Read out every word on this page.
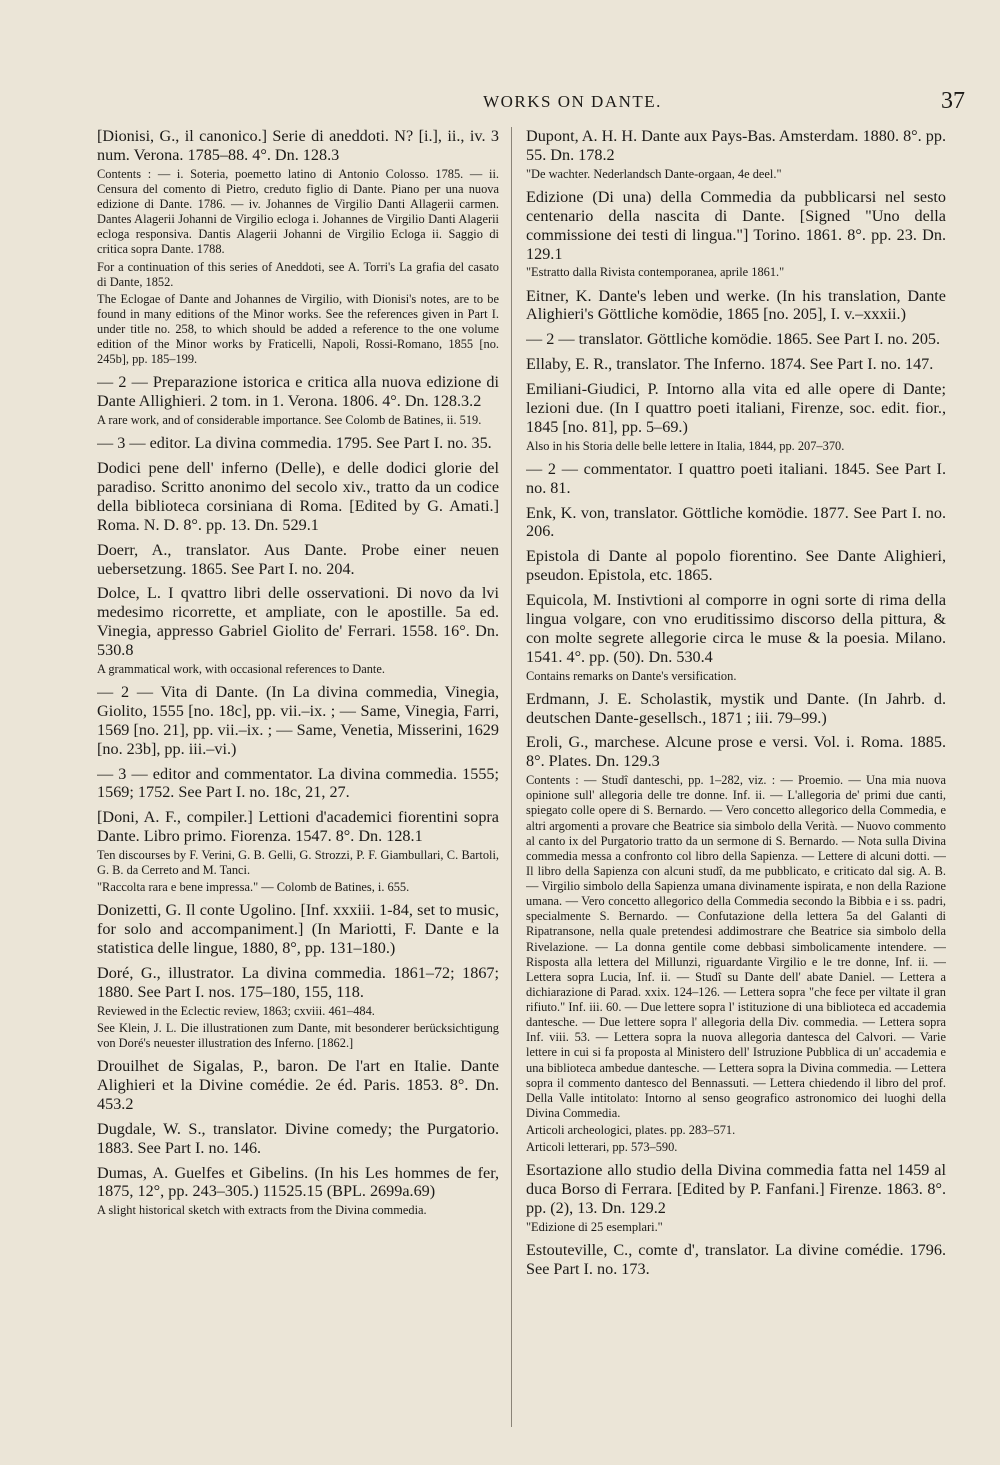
WORKS ON DANTE.	37
[Dionisi, G., il canonico.] Serie di aneddoti. N? [i.], ii., iv. 3 num. Verona. 1785–88. 4°. Dn. 128.3
Contents : — i. Soteria, poemetto latino di Antonio Colosso. 1785. — ii. Censura del comento di Pietro, creduto figlio di Dante. Piano per una nuova edizione di Dante. 1786. — iv. Johannes de Virgilio Danti Allagerii carmen. Dantes Alagerii Johanni de Virgilio ecloga i. Johannes de Virgilio Danti Alagerii ecloga responsiva. Dantis Alagerii Johanni de Virgilio Ecloga ii. Saggio di critica sopra Dante. 1788.
For a continuation of this series of Aneddoti, see A. Torri's La grafia del casato di Dante, 1852.
The Eclogae of Dante and Johannes de Virgilio, with Dionisi's notes, are to be found in many editions of the Minor works. See the references given in Part I. under title no. 258, to which should be added a reference to the one volume edition of the Minor works by Fraticelli, Napoli, Rossi-Romano, 1855 [no. 245b], pp. 185–199.
— 2 — Preparazione istorica e critica alla nuova edizione di Dante Allighieri. 2 tom. in 1. Verona. 1806. 4°. Dn. 128.3.2
A rare work, and of considerable importance. See Colomb de Batines, ii. 519.
— 3 — editor. La divina commedia. 1795. See Part I. no. 35.
Dodici pene dell' inferno (Delle), e delle dodici glorie del paradiso. Scritto anonimo del secolo xiv., tratto da un codice della biblioteca corsiniana di Roma. [Edited by G. Amati.] Roma. N. D. 8°. pp. 13. Dn. 529.1
Doerr, A., translator. Aus Dante. Probe einer neuen uebersetzung. 1865. See Part I. no. 204.
Dolce, L. I qvattro libri delle osservationi. Di novo da lvi medesimo ricorrette, et ampliate, con le apostille. 5a ed. Vinegia, appresso Gabriel Giolito de' Ferrari. 1558. 16°. Dn. 530.8
A grammatical work, with occasional references to Dante.
— 2 — Vita di Dante. (In La divina commedia, Vinegia, Giolito, 1555 [no. 18c], pp. vii.–ix. ; — Same, Vinegia, Farri, 1569 [no. 21], pp. vii.–ix. ; — Same, Venetia, Misserini, 1629 [no. 23b], pp. iii.–vi.)
— 3 — editor and commentator. La divina commedia. 1555; 1569; 1752. See Part I. no. 18c, 21, 27.
[Doni, A. F., compiler.] Lettioni d'academici fiorentini sopra Dante. Libro primo. Fiorenza. 1547. 8°. Dn. 128.1
Ten discourses by F. Verini, G. B. Gelli, G. Strozzi, P. F. Giambullari, C. Bartoli, G. B. da Cerreto and M. Tanci.
"Raccolta rara e bene impressa." — Colomb de Batines, i. 655.
Donizetti, G. Il conte Ugolino. [Inf. xxxiii. 1-84, set to music, for solo and accompaniment.] (In Mariotti, F. Dante e la statistica delle lingue, 1880, 8°, pp. 131–180.)
Doré, G., illustrator. La divina commedia. 1861–72; 1867; 1880. See Part I. nos. 175–180, 155, 118.
Reviewed in the Eclectic review, 1863; cxviii. 461–484.
See Klein, J. L. Die illustrationen zum Dante, mit besonderer berücksichtigung von Doré's neuester illustration des Inferno. [1862.]
Drouilhet de Sigalas, P., baron. De l'art en Italie. Dante Alighieri et la Divine comédie. 2e éd. Paris. 1853. 8°. Dn. 453.2
Dugdale, W. S., translator. Divine comedy; the Purgatorio. 1883. See Part I. no. 146.
Dumas, A. Guelfes et Gibelins. (In his Les hommes de fer, 1875, 12°, pp. 243–305.) 11525.15 (BPL. 2699a.69)
A slight historical sketch with extracts from the Divina commedia.
Dupont, A. H. H. Dante aux Pays-Bas. Amsterdam. 1880. 8°. pp. 55. Dn. 178.2
"De wachter. Nederlandsch Dante-orgaan, 4e deel."
Edizione (Di una) della Commedia da pubblicarsi nel sesto centenario della nascita di Dante. [Signed "Uno della commissione dei testi di lingua."] Torino. 1861. 8°. pp. 23. Dn. 129.1
"Estratto dalla Rivista contemporanea, aprile 1861."
Eitner, K. Dante's leben und werke. (In his translation, Dante Alighieri's Göttliche komödie, 1865 [no. 205], I. v.–xxxii.)
— 2 — translator. Göttliche komödie. 1865. See Part I. no. 205.
Ellaby, E. R., translator. The Inferno. 1874. See Part I. no. 147.
Emiliani-Giudici, P. Intorno alla vita ed alle opere di Dante; lezioni due. (In I quattro poeti italiani, Firenze, soc. edit. fior., 1845 [no. 81], pp. 5–69.)
Also in his Storia delle belle lettere in Italia, 1844, pp. 207–370.
— 2 — commentator. I quattro poeti italiani. 1845. See Part I. no. 81.
Enk, K. von, translator. Göttliche komödie. 1877. See Part I. no. 206.
Epistola di Dante al popolo fiorentino. See Dante Alighieri, pseudon. Epistola, etc. 1865.
Equicola, M. Instivtioni al comporre in ogni sorte di rima della lingua volgare, con vno eruditissimo discorso della pittura, & con molte segrete allegorie circa le muse & la poesia. Milano. 1541. 4°. pp. (50). Dn. 530.4
Contains remarks on Dante's versification.
Erdmann, J. E. Scholastik, mystik und Dante. (In Jahrb. d. deutschen Dante-gesellsch., 1871 ; iii. 79–99.)
Eroli, G., marchese. Alcune prose e versi. Vol. i. Roma. 1885. 8°. Plates. Dn. 129.3
Contents : — Studî danteschi, pp. 1–282, viz. : — Proemio. — Una mia nuova opinione sull' allegoria delle tre donne. Inf. ii. — L'allegoria de' primi due canti, spiegato colle opere di S. Bernardo. — Vero concetto allegorico della Commedia, e altri argomenti a provare che Beatrice sia simbolo della Verità. — Nuovo commento al canto ix del Purgatorio tratto da un sermone di S. Bernardo. — Nota sulla Divina commedia messa a confronto col libro della Sapienza. — Lettere di alcuni dotti. — Il libro della Sapienza con alcuni studî, da me pubblicato, e criticato dal sig. A. B. — Virgilio simbolo della Sapienza umana divinamente ispirata, e non della Razione umana. — Vero concetto allegorico della Commedia secondo la Bibbia e i ss. padri, specialmente S. Bernardo. — Confutazione della lettera 5a del Galanti di Ripatransone, nella quale pretendesi addimostrare che Beatrice sia simbolo della Rivelazione. — La donna gentile come debbasi simbolicamente intendere. — Risposta alla lettera del Millunzi, riguardante Virgilio e le tre donne, Inf. ii. — Lettera sopra Lucia, Inf. ii. — Studî su Dante dell' abate Daniel. — Lettera a dichiarazione di Parad. xxix. 124–126. — Lettera sopra "che fece per viltate il gran rifiuto." Inf. iii. 60. — Due lettere sopra l' istituzione di una biblioteca ed accademia dantesche. — Due lettere sopra l' allegoria della Div. commedia. — Lettera sopra Inf. viii. 53. — Lettera sopra la nuova allegoria dantesca del Calvori. — Varie lettere in cui si fa proposta al Ministero dell' Istruzione Pubblica di un' accademia e una biblioteca ambedue dantesche. — Lettera sopra la Divina commedia. — Lettera sopra il commento dantesco del Bennassuti. — Lettera chiedendo il libro del prof. Della Valle intitolato: Intorno al senso geografico astronomico dei luoghi della Divina Commedia.
Articoli archeologici, plates. pp. 283–571.
Articoli letterari, pp. 573–590.
Esortazione allo studio della Divina commedia fatta nel 1459 al duca Borso di Ferrara. [Edited by P. Fanfani.] Firenze. 1863. 8°. pp. (2), 13. Dn. 129.2
"Edizione di 25 esemplari."
Estouteville, C., comte d', translator. La divine comédie. 1796. See Part I. no. 173.
